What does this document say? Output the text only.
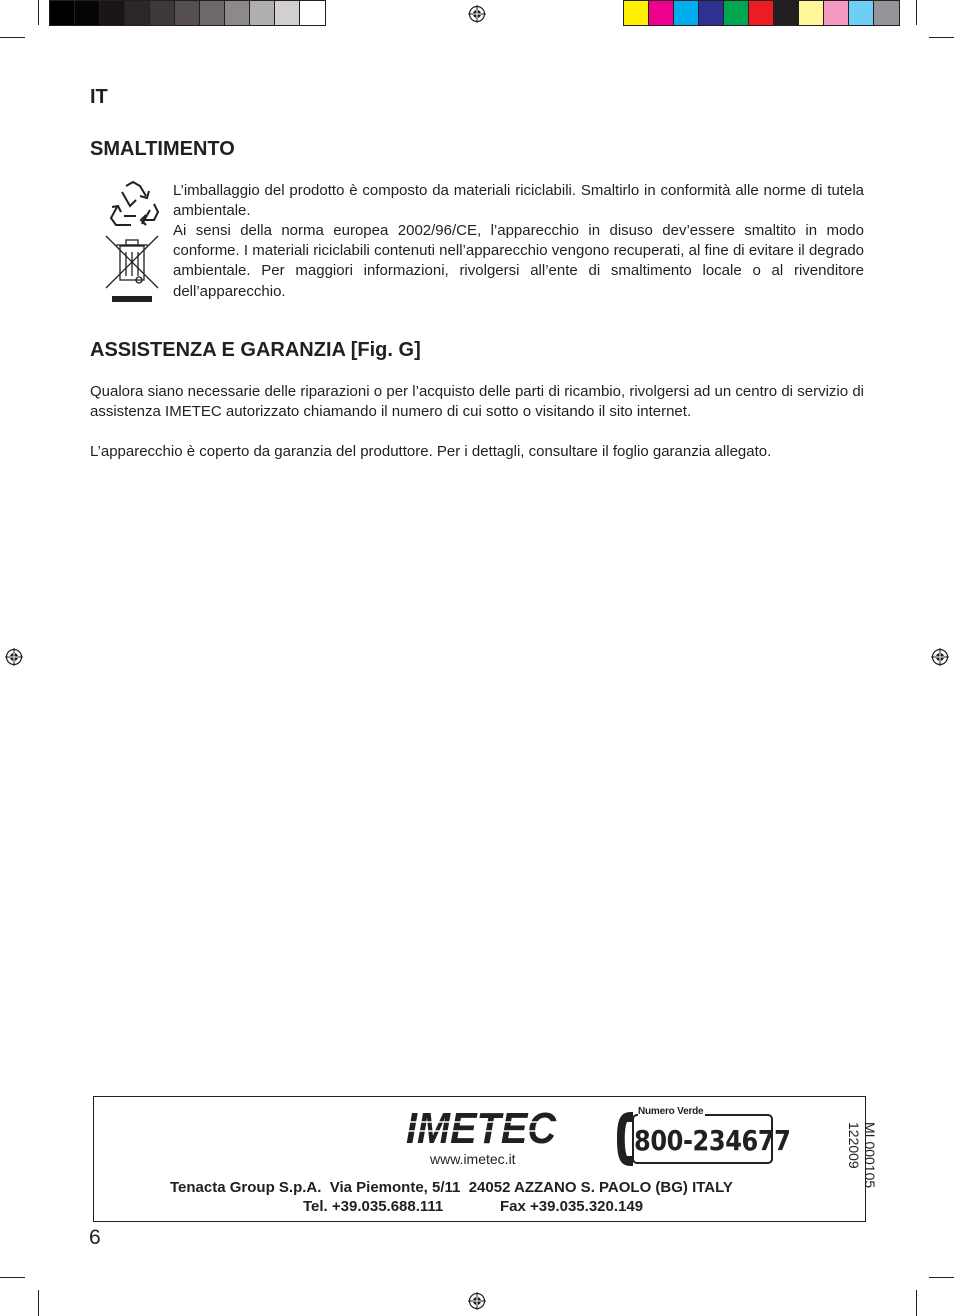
IT
SMALTIMENTO

L’imballaggio del prodotto è composto da materiali riciclabili. Smaltirlo in conformità alle norme di tutela ambientale.

Ai sensi della norma europea 2002/96/CE, l’apparecchio in disuso dev’essere smaltito in modo conforme. I materiali riciclabili contenuti nell’apparecchio vengono recuperati, al fine di evitare il degrado ambientale. Per maggiori informazioni, rivolgersi all’ente di smaltimento locale o al rivenditore dell’apparecchio.

ASSISTENZA E GARANZIA [Fig. G]

Qualora siano necessarie delle riparazioni o per l’acquisto delle parti di ricambio, rivolgersi ad un centro di servizio di assistenza IMETEC autorizzato chiamando il numero di cui sotto o visitando il sito internet.

L’apparecchio è coperto da garanzia del produttore. Per i dettagli, consultare il foglio garanzia allegato.

IMETEC
www.imetec.it
Numero Verde
800-234677
Tenacta Group S.p.A.  Via Piemonte, 5/11  24052 AZZANO S. PAOLO (BG) ITALY
Tel. +39.035.688.111	Fax +39.035.320.149
MI 000105
122009
6
